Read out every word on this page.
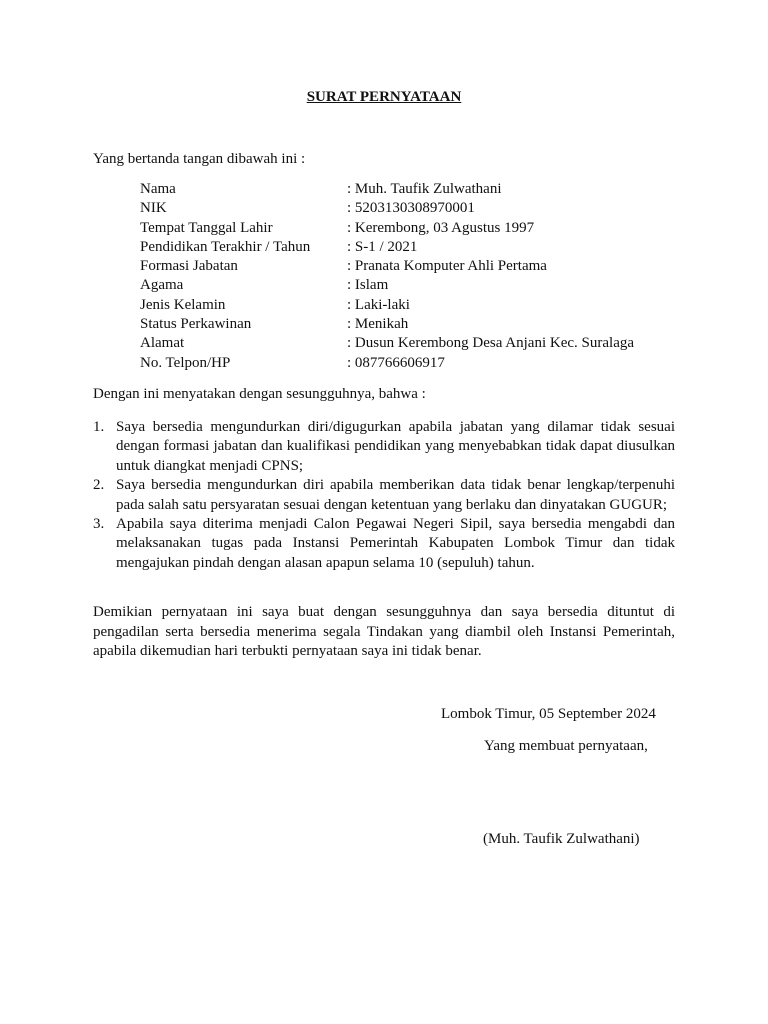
SURAT PERNYATAAN
Yang bertanda tangan dibawah ini :
Nama	: Muh. Taufik Zulwathani
NIK	: 5203130308970001
Tempat Tanggal Lahir	: Kerembong, 03 Agustus 1997
Pendidikan Terakhir / Tahun	: S-1 / 2021
Formasi Jabatan	: Pranata Komputer Ahli Pertama
Agama	: Islam
Jenis Kelamin	: Laki-laki
Status Perkawinan	: Menikah
Alamat	: Dusun Kerembong Desa Anjani Kec. Suralaga
No. Telpon/HP	: 087766606917
Dengan ini menyatakan dengan sesungguhnya, bahwa :
1. Saya bersedia mengundurkan diri/digugurkan apabila jabatan yang dilamar tidak sesuai dengan formasi jabatan dan kualifikasi pendidikan yang menyebabkan tidak dapat diusulkan untuk diangkat menjadi CPNS;
2. Saya bersedia mengundurkan diri apabila memberikan data tidak benar lengkap/terpenuhi pada salah satu persyaratan sesuai dengan ketentuan yang berlaku dan dinyatakan GUGUR;
3. Apabila saya diterima menjadi Calon Pegawai Negeri Sipil, saya bersedia mengabdi dan melaksanakan tugas pada Instansi Pemerintah Kabupaten Lombok Timur dan tidak mengajukan pindah dengan alasan apapun selama 10 (sepuluh) tahun.

Demikian pernyataan ini saya buat dengan sesungguhnya dan saya bersedia dituntut di pengadilan serta bersedia menerima segala Tindakan yang diambil oleh Instansi Pemerintah, apabila dikemudian hari terbukti pernyataan saya ini tidak benar.

Lombok Timur, 05 September 2024
Yang membuat pernyataan,
(Muh. Taufik Zulwathani)
